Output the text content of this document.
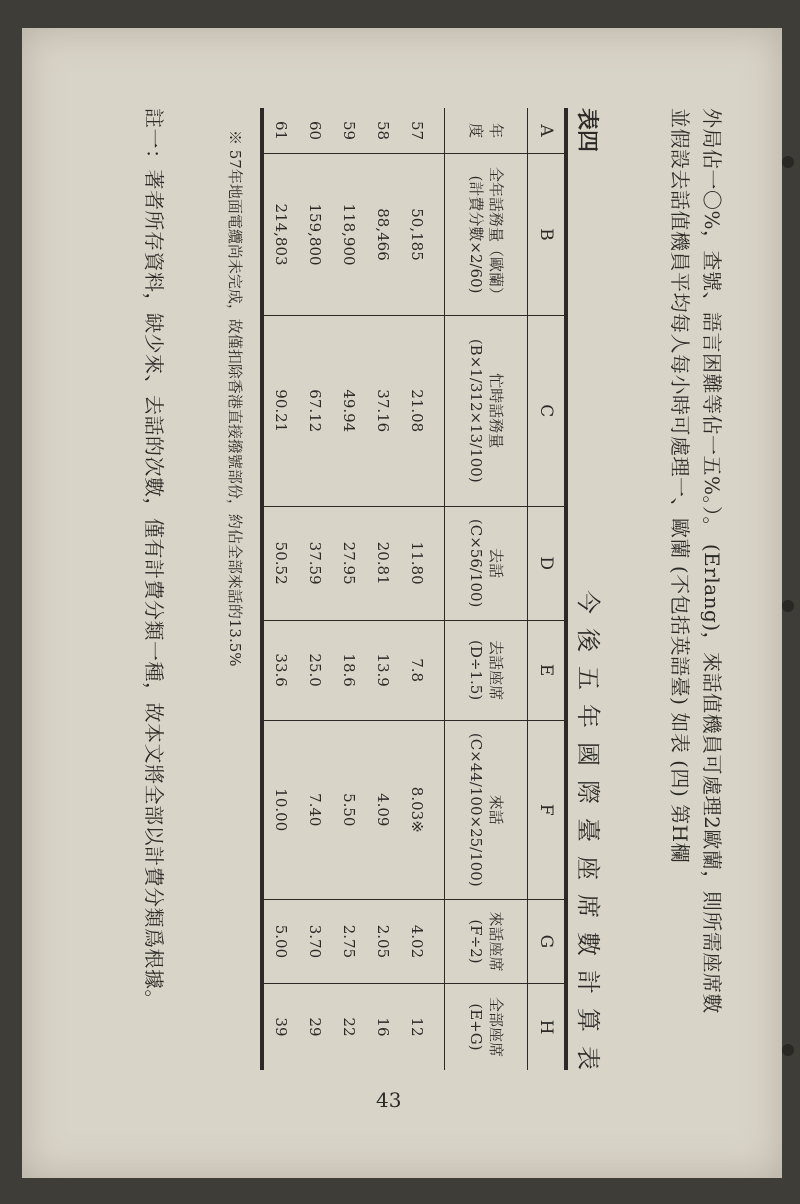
外局佔一〇%，查號、語言困難等佔一五%。）。 (Erlang)，來話值機員可處理2歐蘭，則所需座席數
並假設去話值機員平均每人每小時可處理一、歐蘭 (不包括英語臺) 如表 (四) 第H欄
表四
今後五年國際臺座席數計算表
A	B	C	D	E	F	G	H
年　度	全年話務量（歐蘭）(計費分數×2/60)	忙時話務量 (B×1/312×13/100)	去話 (C×56/100)	去話座席 (D÷1.5)	來話 (C×44/100×25/100)	來話座席 (F÷2)	全部座席 (E+G)
57	50,185	21.08	11.80	7.8	8.03※	4.02	12
58	88,466	37.16	20.81	13.9	4.09	2.05	16
59	118,900	49.94	27.95	18.6	5.50	2.75	22
60	159,800	67.12	37.59	25.0	7.40	3.70	29
61	214,803	90.21	50.52	33.6	10.00	5.00	39
※ 57年地面電纜尚未完成，故僅扣除香港直接撥號部份，約佔全部來話的13.5%
註一：著者所存資料，缺少來、去話的次數，僅有計費分類一種，故本文將全部以計費分類爲根據。
43
